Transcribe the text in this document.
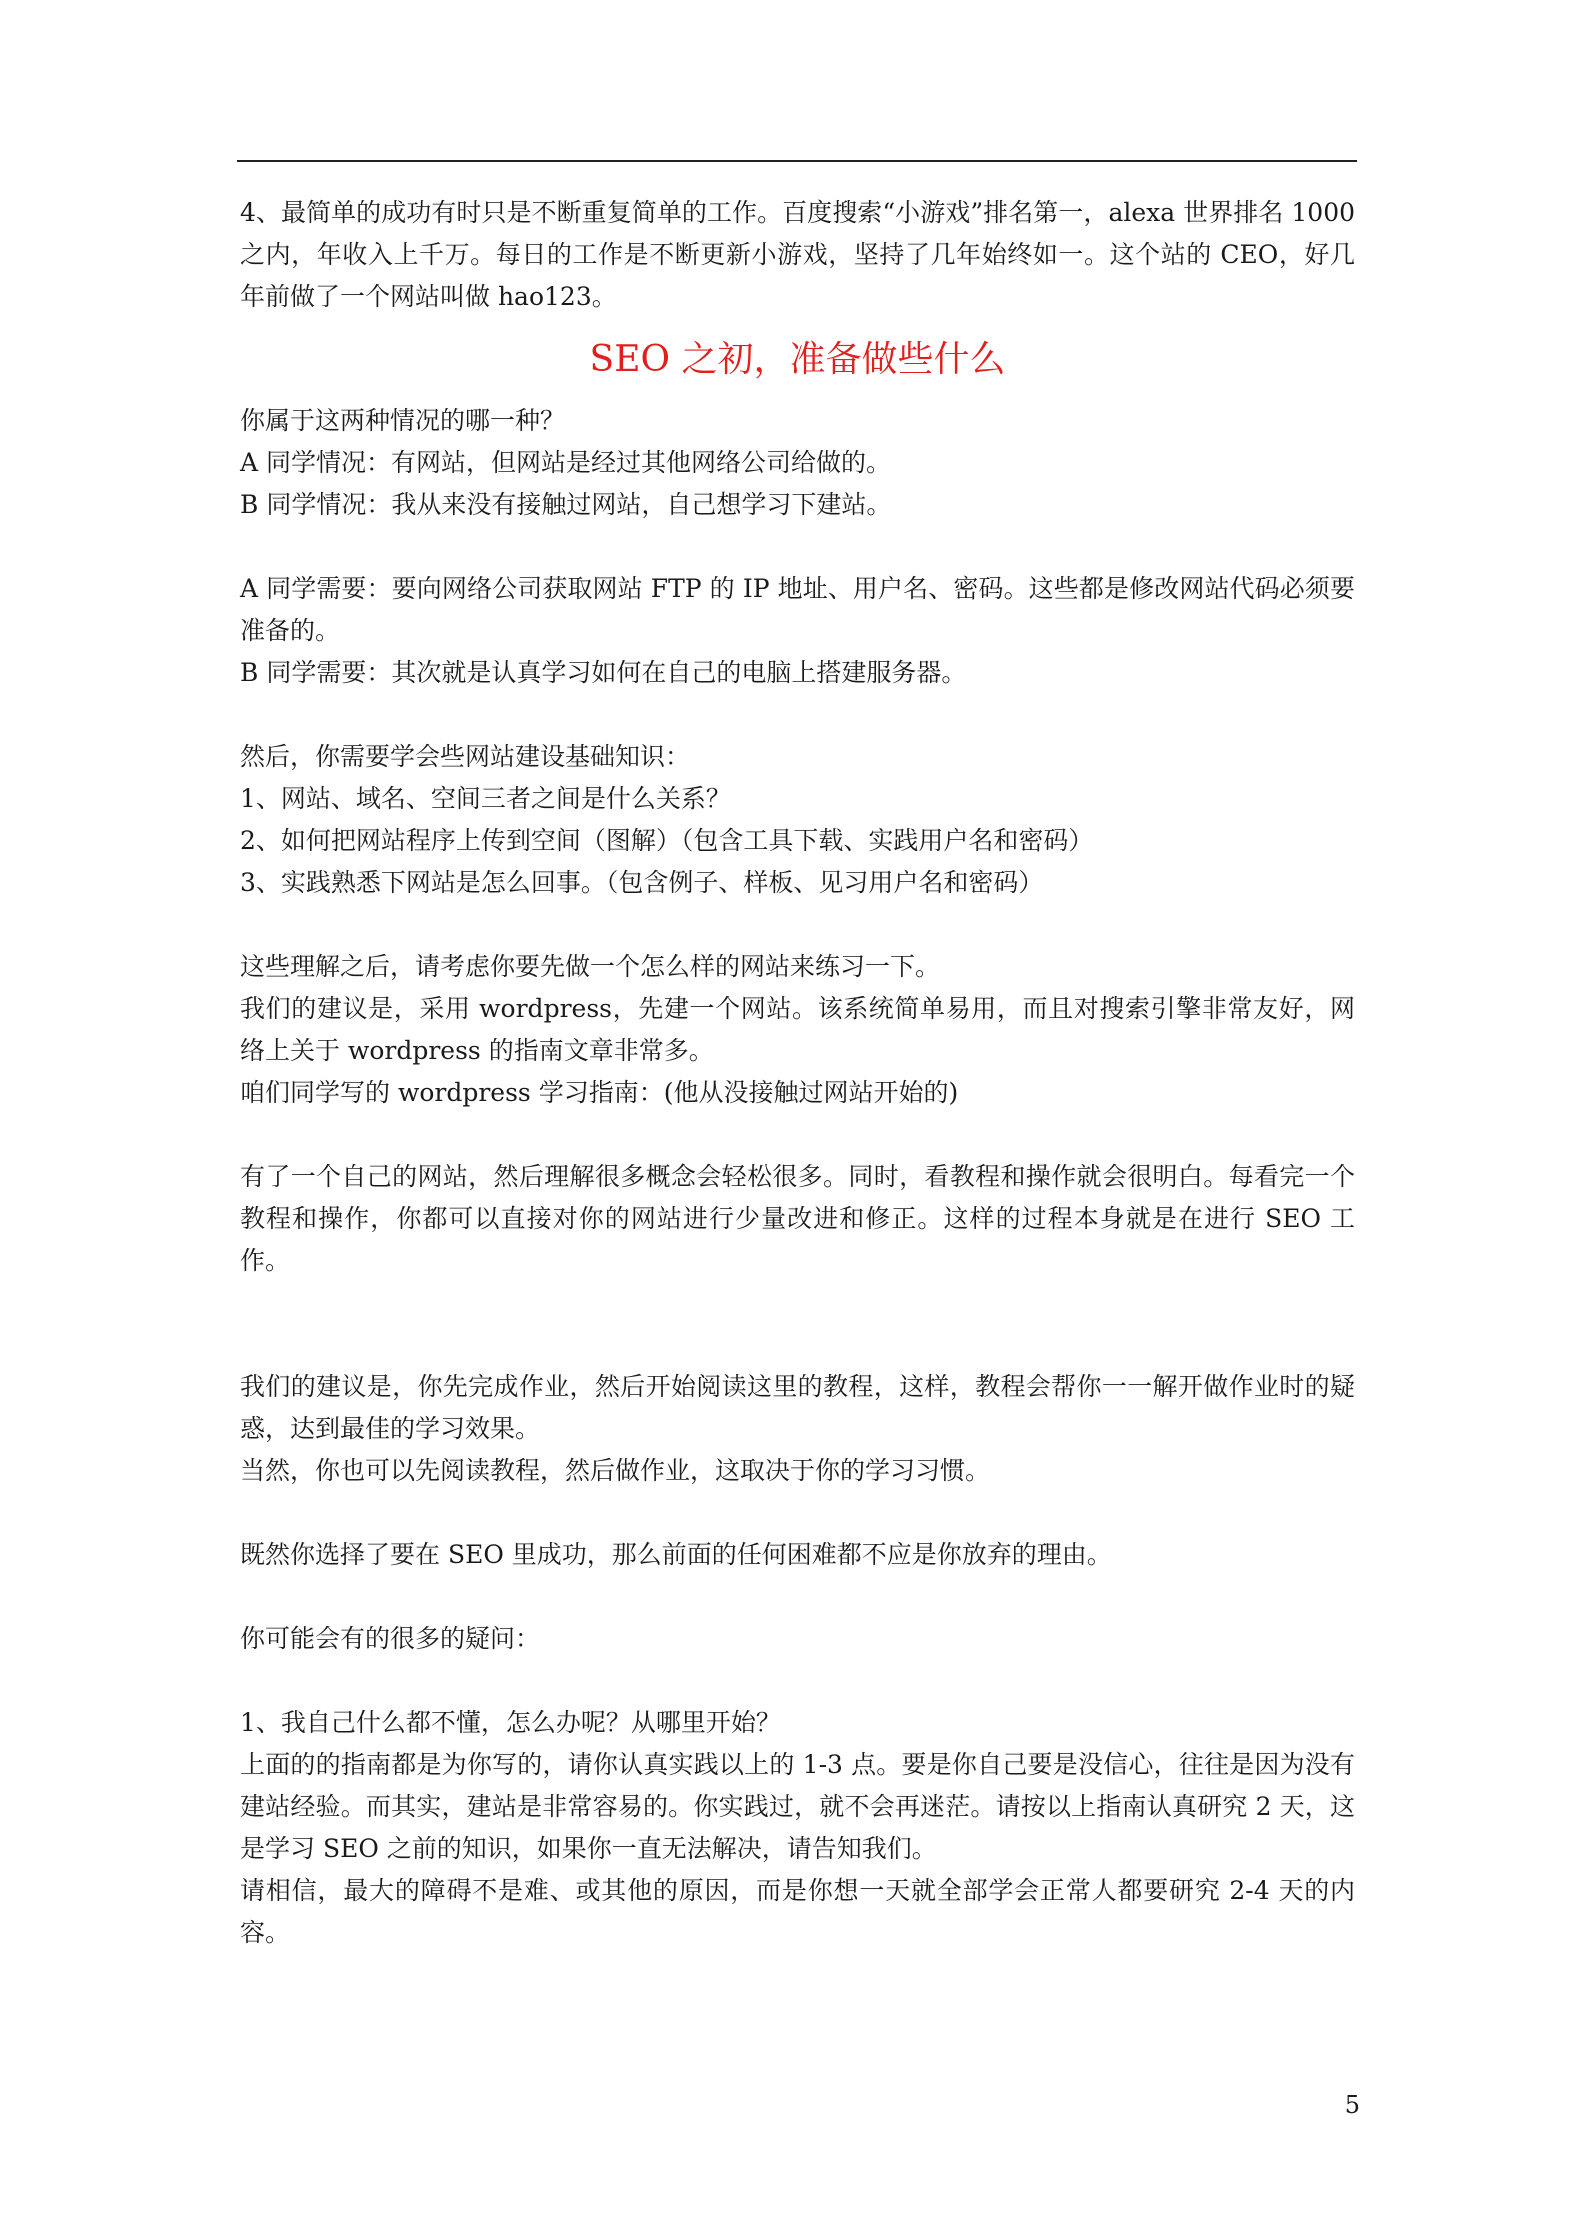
4、最简单的成功有时只是不断重复简单的工作。百度搜索“小游戏”排名第一，alexa 世界排名 1000 之内，年收入上千万。每日的工作是不断更新小游戏，坚持了几年始终如一。这个站的 CEO，好几年前做了一个网站叫做 hao123。

SEO 之初，准备做些什么

你属于这两种情况的哪一种？

A 同学情况：有网站，但网站是经过其他网络公司给做的。

B 同学情况：我从来没有接触过网站，自己想学习下建站。

A 同学需要：要向网络公司获取网站 FTP 的 IP 地址、用户名、密码。这些都是修改网站代码必须要准备的。

B 同学需要：其次就是认真学习如何在自己的电脑上搭建服务器。

然后，你需要学会些网站建设基础知识：

1、网站、域名、空间三者之间是什么关系？

2、如何把网站程序上传到空间（图解）（包含工具下载、实践用户名和密码）

3、实践熟悉下网站是怎么回事。（包含例子、样板、见习用户名和密码）

这些理解之后，请考虑你要先做一个怎么样的网站来练习一下。

我们的建议是，采用 wordpress，先建一个网站。该系统简单易用，而且对搜索引擎非常友好，网络上关于 wordpress 的指南文章非常多。

咱们同学写的 wordpress 学习指南：(他从没接触过网站开始的)

有了一个自己的网站，然后理解很多概念会轻松很多。同时，看教程和操作就会很明白。每看完一个教程和操作，你都可以直接对你的网站进行少量改进和修正。这样的过程本身就是在进行 SEO 工作。

我们的建议是，你先完成作业，然后开始阅读这里的教程，这样，教程会帮你一一解开做作业时的疑惑，达到最佳的学习效果。

当然，你也可以先阅读教程，然后做作业，这取决于你的学习习惯。

既然你选择了要在 SEO 里成功，那么前面的任何困难都不应是你放弃的理由。

你可能会有的很多的疑问：

1、我自己什么都不懂，怎么办呢？从哪里开始？

上面的的指南都是为你写的，请你认真实践以上的 1-3 点。要是你自己要是没信心，往往是因为没有建站经验。而其实，建站是非常容易的。你实践过，就不会再迷茫。请按以上指南认真研究 2 天，这是学习 SEO 之前的知识，如果你一直无法解决，请告知我们。

请相信，最大的障碍不是难、或其他的原因，而是你想一天就全部学会正常人都要研究 2-4 天的内容。

5
